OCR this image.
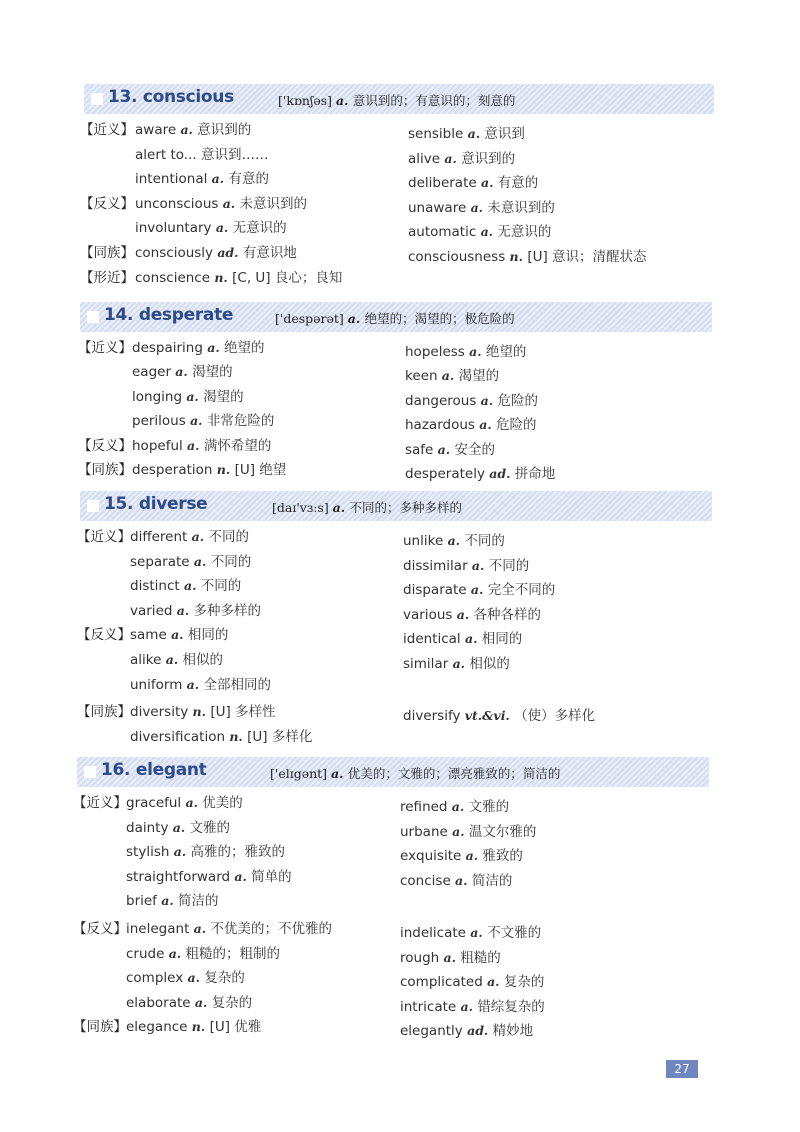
13. conscious	['kɒnʃəs] a. 意识到的；有意识的；刻意的
【近义】 aware a. 意识到的	sensible a. 意识到
alert to... 意识到……	alive a. 意识到的
intentional a. 有意的	deliberate a. 有意的
【反义】 unconscious a. 未意识到的	unaware a. 未意识到的
involuntary a. 无意识的	automatic a. 无意识的
【同族】 consciously ad. 有意识地	consciousness n. [U] 意识；清醒状态
【形近】 conscience n. [C, U] 良心；良知
14. desperate	['despərət] a. 绝望的；渴望的；极危险的
【近义】 despairing a. 绝望的	hopeless a. 绝望的
eager a. 渴望的	keen a. 渴望的
longing a. 渴望的	dangerous a. 危险的
perilous a. 非常危险的	hazardous a. 危险的
【反义】 hopeful a. 满怀希望的	safe a. 安全的
【同族】 desperation n. [U] 绝望	desperately ad. 拼命地
15. diverse	[daɪ'vɜːs] a. 不同的；多种多样的
【近义】 different a. 不同的	unlike a. 不同的
separate a. 不同的	dissimilar a. 不同的
distinct a. 不同的	disparate a. 完全不同的
varied a. 多种多样的	various a. 各种各样的
【反义】 same a. 相同的	identical a. 相同的
alike a. 相似的	similar a. 相似的
uniform a. 全部相同的
【同族】 diversity n. [U] 多样性	diversify vt.&vi. （使）多样化
diversification n. [U] 多样化
16. elegant	['elɪgənt] a. 优美的；文雅的；漂亮雅致的；简洁的
【近义】 graceful a. 优美的	refined a. 文雅的
dainty a. 文雅的	urbane a. 温文尔雅的
stylish a. 高雅的；雅致的	exquisite a. 雅致的
straightforward a. 简单的	concise a. 简洁的
brief a. 简洁的
【反义】 inelegant a. 不优美的；不优雅的	indelicate a. 不文雅的
crude a. 粗糙的；粗制的	rough a. 粗糙的
complex a. 复杂的	complicated a. 复杂的
elaborate a. 复杂的	intricate a. 错综复杂的
【同族】 elegance n. [U] 优雅	elegantly ad. 精妙地
27
